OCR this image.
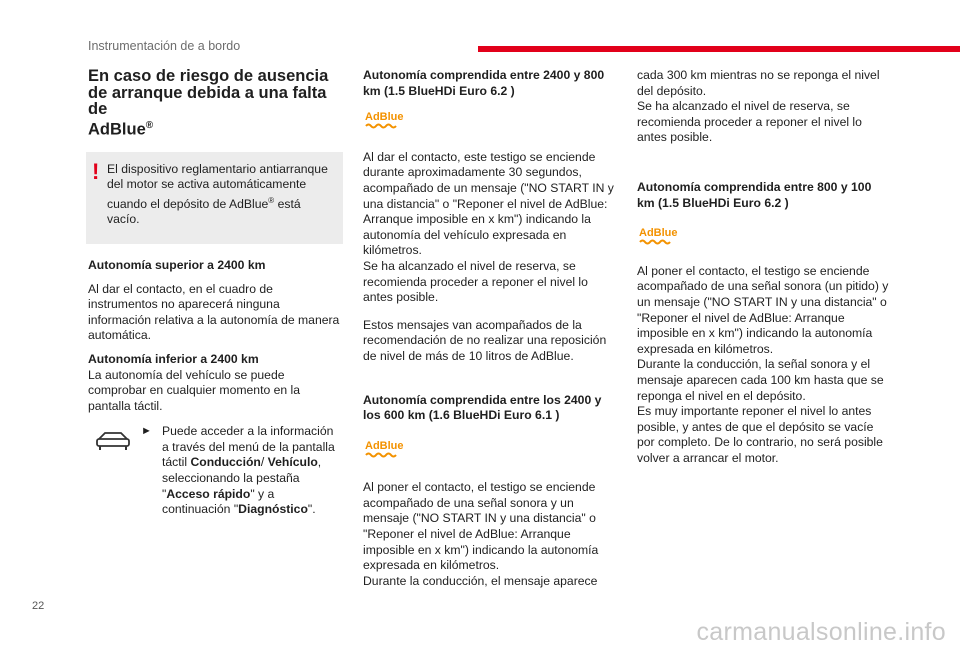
Instrumentación de a bordo
En caso de riesgo de ausencia
de arranque debida a una falta de
AdBlue®
! El dispositivo reglamentario antiarranque del motor se activa automáticamente cuando el depósito de AdBlue® está vacío.

Autonomía superior a 2400 km

Al dar el contacto, en el cuadro de instrumentos no aparecerá ninguna información relativa a la autonomía de manera automática.

Autonomía inferior a 2400 km

La autonomía del vehículo se puede comprobar en cualquier momento en la pantalla táctil.

► Puede acceder a la información a través del menú de la pantalla táctil Conducción/ Vehículo, seleccionando la pestaña "Acceso rápido" y a continuación "Diagnóstico".

Autonomía comprendida entre 2400 y 800 km (1.5 BlueHDi Euro 6.2 )

AdBlue

Al dar el contacto, este testigo se enciende durante aproximadamente 30 segundos, acompañado de un mensaje ("NO START IN y una distancia" o "Reponer el nivel de AdBlue: Arranque imposible en x km") indicando la autonomía del vehículo expresada en kilómetros.

Se ha alcanzado el nivel de reserva, se recomienda proceder a reponer el nivel lo antes posible.

Estos mensajes van acompañados de la recomendación de no realizar una reposición de nivel de más de 10 litros de AdBlue.

Autonomía comprendida entre los 2400 y los 600 km (1.6 BlueHDi Euro 6.1 )

AdBlue

Al poner el contacto, el testigo se enciende acompañado de una señal sonora y un mensaje ("NO START IN y una distancia" o "Reponer el nivel de AdBlue: Arranque imposible en x km") indicando la autonomía expresada en kilómetros.

Durante la conducción, el mensaje aparece

cada 300 km mientras no se reponga el nivel del depósito.

Se ha alcanzado el nivel de reserva, se recomienda proceder a reponer el nivel lo antes posible.

Autonomía comprendida entre 800 y 100 km (1.5 BlueHDi Euro 6.2 )

AdBlue

Al poner el contacto, el testigo se enciende acompañado de una señal sonora (un pitido) y un mensaje ("NO START IN y una distancia" o "Reponer el nivel de AdBlue: Arranque imposible en x km") indicando la autonomía expresada en kilómetros.

Durante la conducción, la señal sonora y el mensaje aparecen cada 100 km hasta que se reponga el nivel en el depósito.

Es muy importante reponer el nivel lo antes posible, y antes de que el depósito se vacíe por completo. De lo contrario, no será posible volver a arrancar el motor.

22
carmanualsonline.info
